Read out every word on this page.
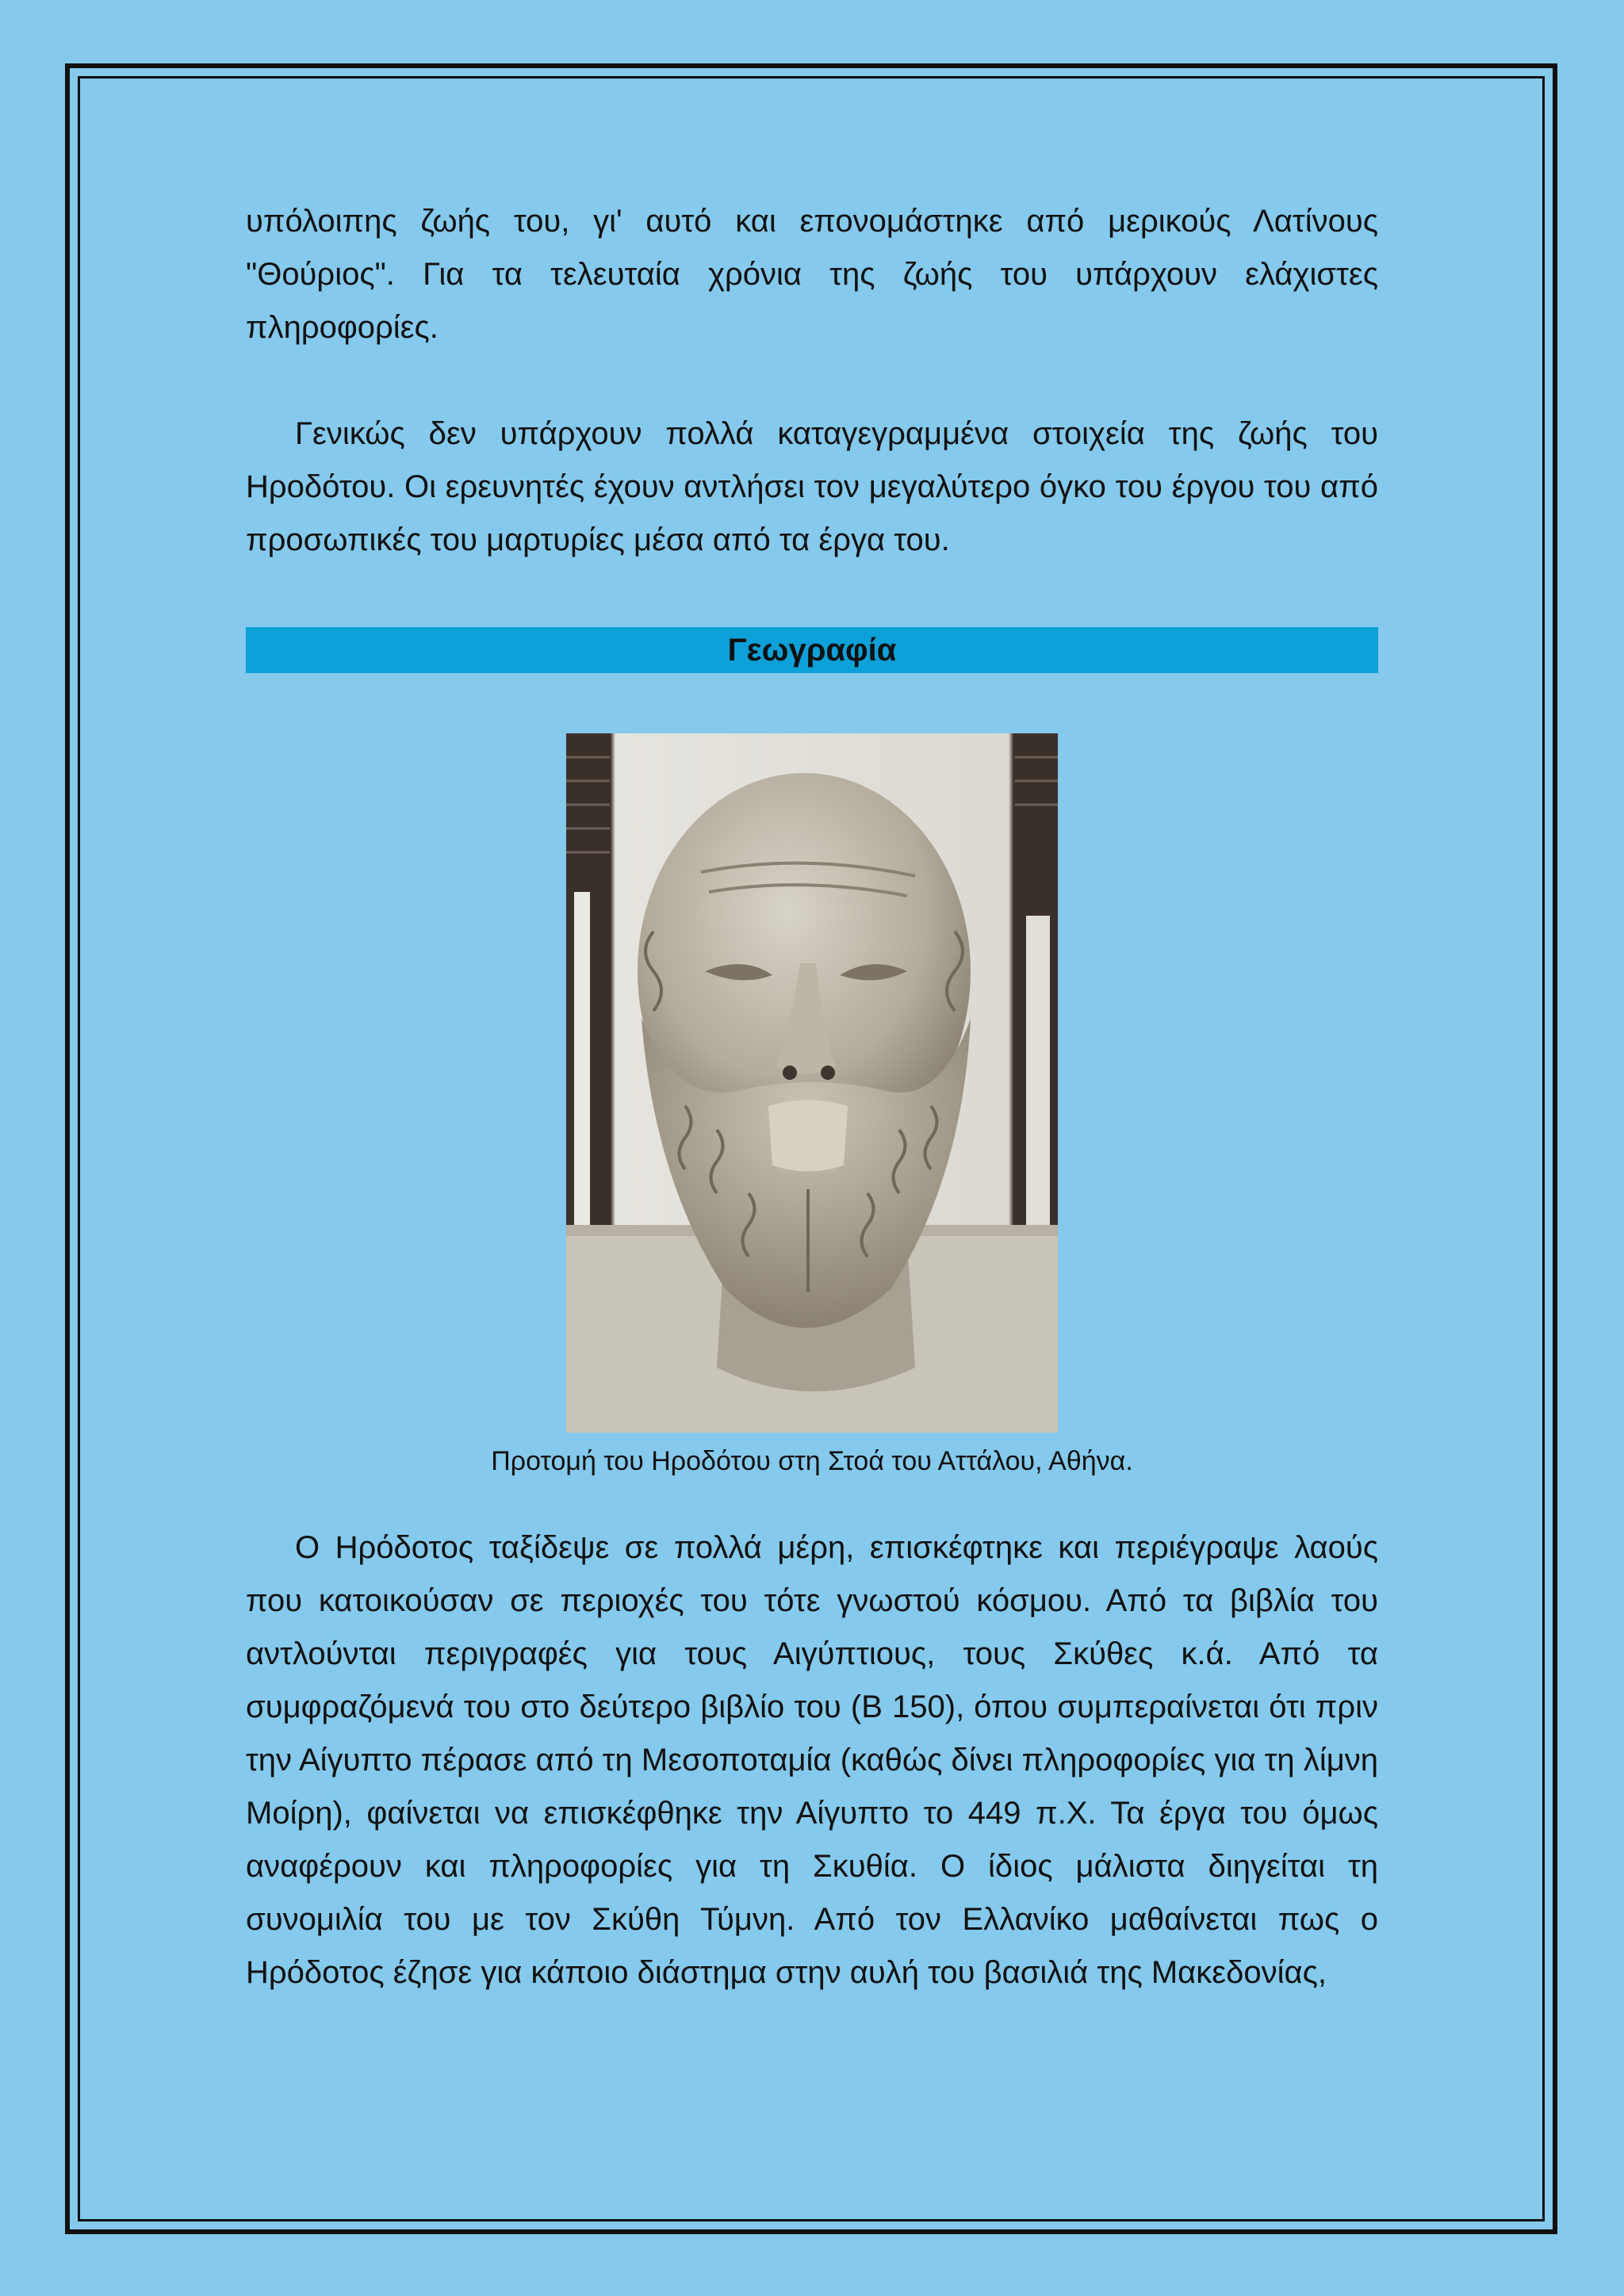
υπόλοιπης ζωής του, γι' αυτό και επονομάστηκε από μερικούς Λατίνους "Θούριος". Για τα τελευταία χρόνια της ζωής του υπάρχουν ελάχιστες πληροφορίες.

Γενικώς δεν υπάρχουν πολλά καταγεγραμμένα στοιχεία της ζωής του Ηροδότου. Οι ερευνητές έχουν αντλήσει τον μεγαλύτερο όγκο του έργου του από προσωπικές του μαρτυρίες μέσα από τα έργα του.

Γεωγραφία
Προτομή του Ηροδότου στη Στοά του Αττάλου, Αθήνα.

Ο Ηρόδοτος ταξίδεψε σε πολλά μέρη, επισκέφτηκε και περιέγραψε λαούς που κατοικούσαν σε περιοχές του τότε γνωστού κόσμου. Από τα βιβλία του αντλούνται περιγραφές για τους Αιγύπτιους, τους Σκύθες κ.ά. Από τα συμφραζόμενά του στο δεύτερο βιβλίο του (Β 150), όπου συμπεραίνεται ότι πριν την Αίγυπτο πέρασε από τη Μεσοποταμία (καθώς δίνει πληροφορίες για τη λίμνη Μοίρη), φαίνεται να επισκέφθηκε την Αίγυπτο το 449 π.Χ. Τα έργα του όμως αναφέρουν και πληροφορίες για τη Σκυθία. Ο ίδιος μάλιστα διηγείται τη συνομιλία του με τον Σκύθη Τύμνη. Από τον Ελλανίκο μαθαίνεται πως ο Ηρόδοτος έζησε για κάποιο διάστημα στην αυλή του βασιλιά της Μακεδονίας,
